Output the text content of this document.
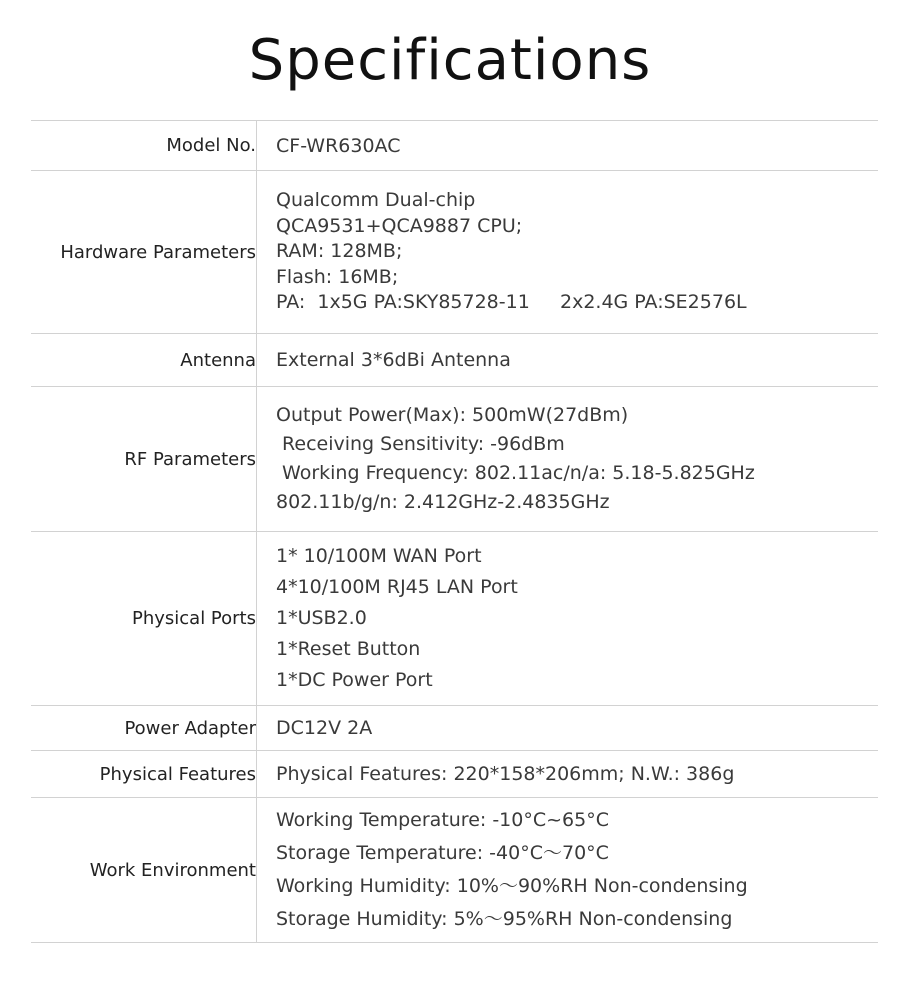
Specifications
Model No. CF-WR630AC
Hardware Parameters
Qualcomm Dual-chip
QCA9531+QCA9887 CPU;
RAM: 128MB;
Flash: 16MB;
PA:  1x5G PA:SKY85728-11     2x2.4G PA:SE2576L
Antenna External 3*6dBi Antenna
RF Parameters
Output Power(Max): 500mW(27dBm)
Receiving Sensitivity: -96dBm
Working Frequency: 802.11ac/n/a: 5.18-5.825GHz
802.11b/g/n: 2.412GHz-2.4835GHz
Physical Ports
1* 10/100M WAN Port
4*10/100M RJ45 LAN Port
1*USB2.0
1*Reset Button
1*DC Power Port
Power Adapter DC12V 2A
Physical Features Physical Features: 220*158*206mm; N.W.: 386g
Work Environment
Working Temperature: -10°C~65°C
Storage Temperature: -40°C～70°C
Working Humidity: 10%～90%RH Non-condensing
Storage Humidity: 5%～95%RH Non-condensing
